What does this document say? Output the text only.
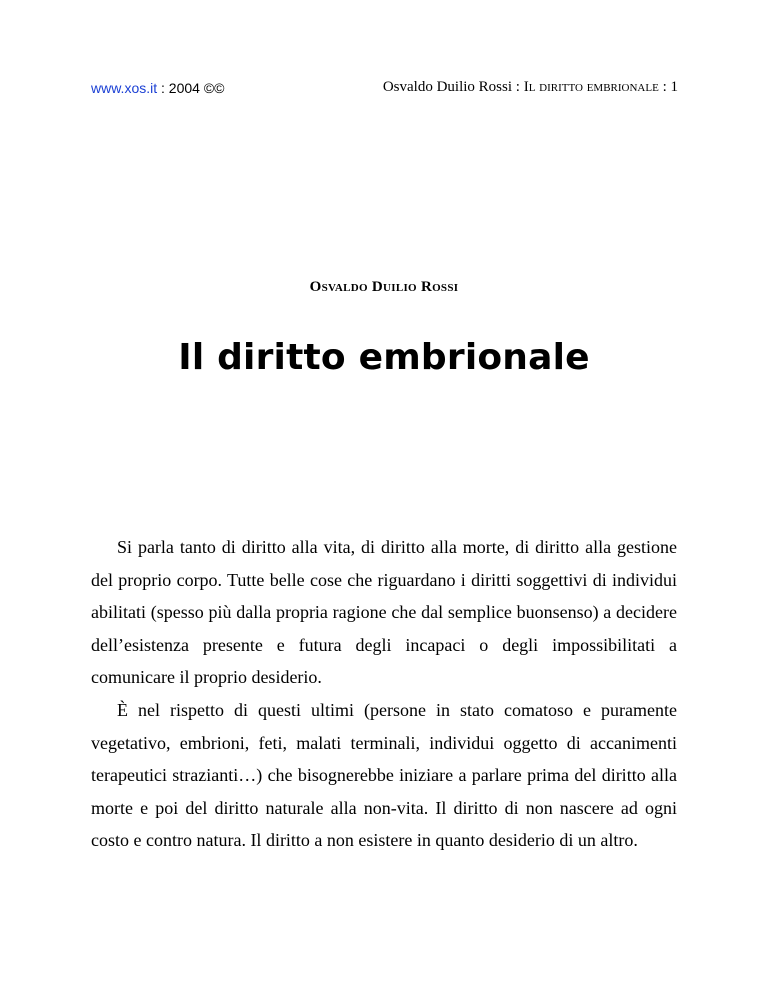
www.xos.it : 2004 ©©	Osvaldo Duilio Rossi : Il diritto embrionale : 1
Osvaldo Duilio Rossi
Il diritto embrionale

Si parla tanto di diritto alla vita, di diritto alla morte, di diritto alla gestione del proprio corpo. Tutte belle cose che riguardano i diritti soggettivi di individui abilitati (spesso più dalla propria ragione che dal semplice buonsenso) a decidere dell’esistenza presente e futura degli incapaci o degli impossibilitati a comunicare il proprio desiderio.

È nel rispetto di questi ultimi (persone in stato comatoso e puramente vegetativo, embrioni, feti, malati terminali, individui oggetto di accanimenti terapeutici strazianti…) che bisognerebbe iniziare a parlare prima del diritto alla morte e poi del diritto naturale alla non-vita. Il diritto di non nascere ad ogni costo e contro natura. Il diritto a non esistere in quanto desiderio di un altro.
